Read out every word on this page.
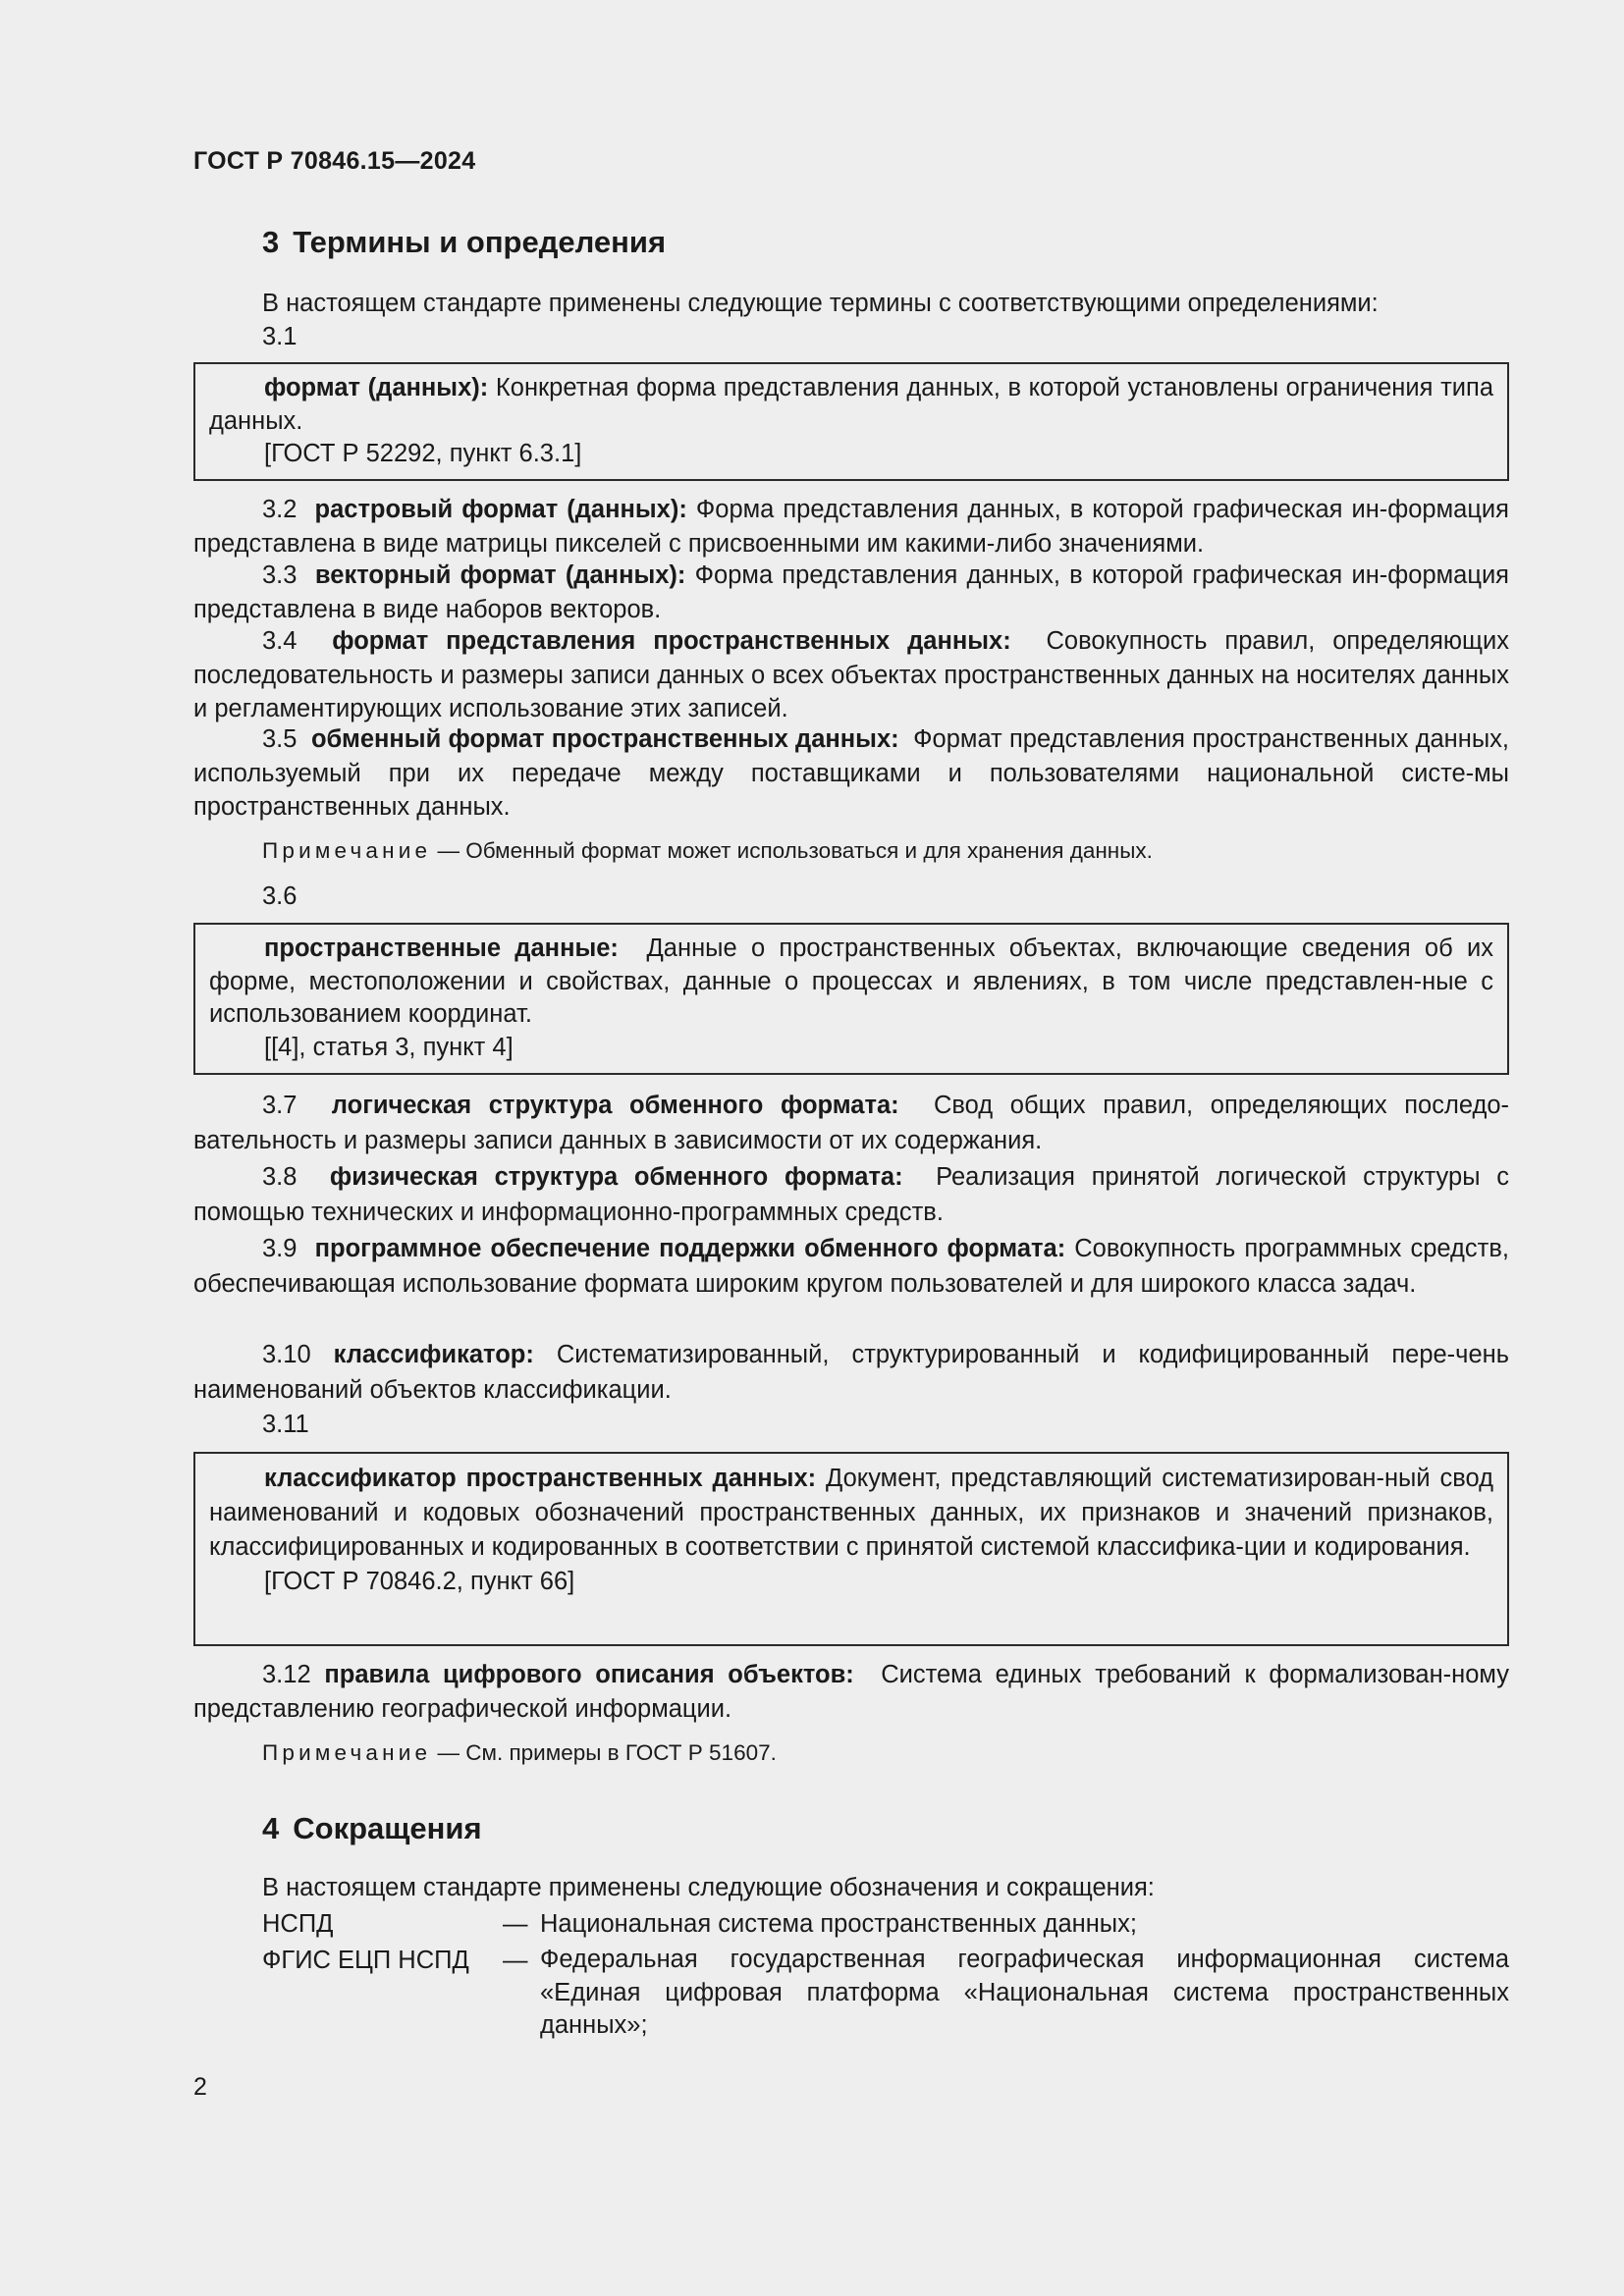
ГОСТ Р 70846.15—2024
3 Термины и определения

В настоящем стандарте применены следующие термины с соответствующими определениями:

3.1

формат (данных): Конкретная форма представления данных, в которой установлены ограничения типа данных.

[ГОСТ Р 52292, пункт 6.3.1]

3.2 растровый формат (данных): Форма представления данных, в которой графическая ин-формация представлена в виде матрицы пикселей с присвоенными им какими-либо значениями.

3.3 векторный формат (данных): Форма представления данных, в которой графическая ин-формация представлена в виде наборов векторов.

3.4 формат представления пространственных данных: Совокупность правил, определяющих последовательность и размеры записи данных о всех объектах пространственных данных на носителях данных и регламентирующих использование этих записей.

3.5 обменный формат пространственных данных: Формат представления пространственных данных, используемый при их передаче между поставщиками и пользователями национальной систе-мы пространственных данных.

Примечание — Обменный формат может использоваться и для хранения данных.

3.6

пространственные данные: Данные о пространственных объектах, включающие сведения об их форме, местоположении и свойствах, данные о процессах и явлениях, в том числе представлен-ные с использованием координат.

[[4], статья 3, пункт 4]

3.7 логическая структура обменного формата: Свод общих правил, определяющих последо-вательность и размеры записи данных в зависимости от их содержания.

3.8 физическая структура обменного формата: Реализация принятой логической структуры с помощью технических и информационно-программных средств.

3.9 программное обеспечение поддержки обменного формата: Совокупность программных средств, обеспечивающая использование формата широким кругом пользователей и для широкого класса задач.

3.10 классификатор: Систематизированный, структурированный и кодифицированный пере-чень наименований объектов классификации.

3.11

классификатор пространственных данных: Документ, представляющий систематизирован-ный свод наименований и кодовых обозначений пространственных данных, их признаков и значений признаков, классифицированных и кодированных в соответствии с принятой системой классифика-ции и кодирования.

[ГОСТ Р 70846.2, пункт 66]

3.12 правила цифрового описания объектов: Система единых требований к формализован-ному представлению географической информации.

Примечание — См. примеры в ГОСТ Р 51607.
4 Сокращения

В настоящем стандарте применены следующие обозначения и сокращения:

НСПД	— Национальная система пространственных данных;
ФГИС ЕЦП НСПД — Федеральная государственная географическая информационная система «Единая цифровая платформа «Национальная система пространственных данных»;
2
